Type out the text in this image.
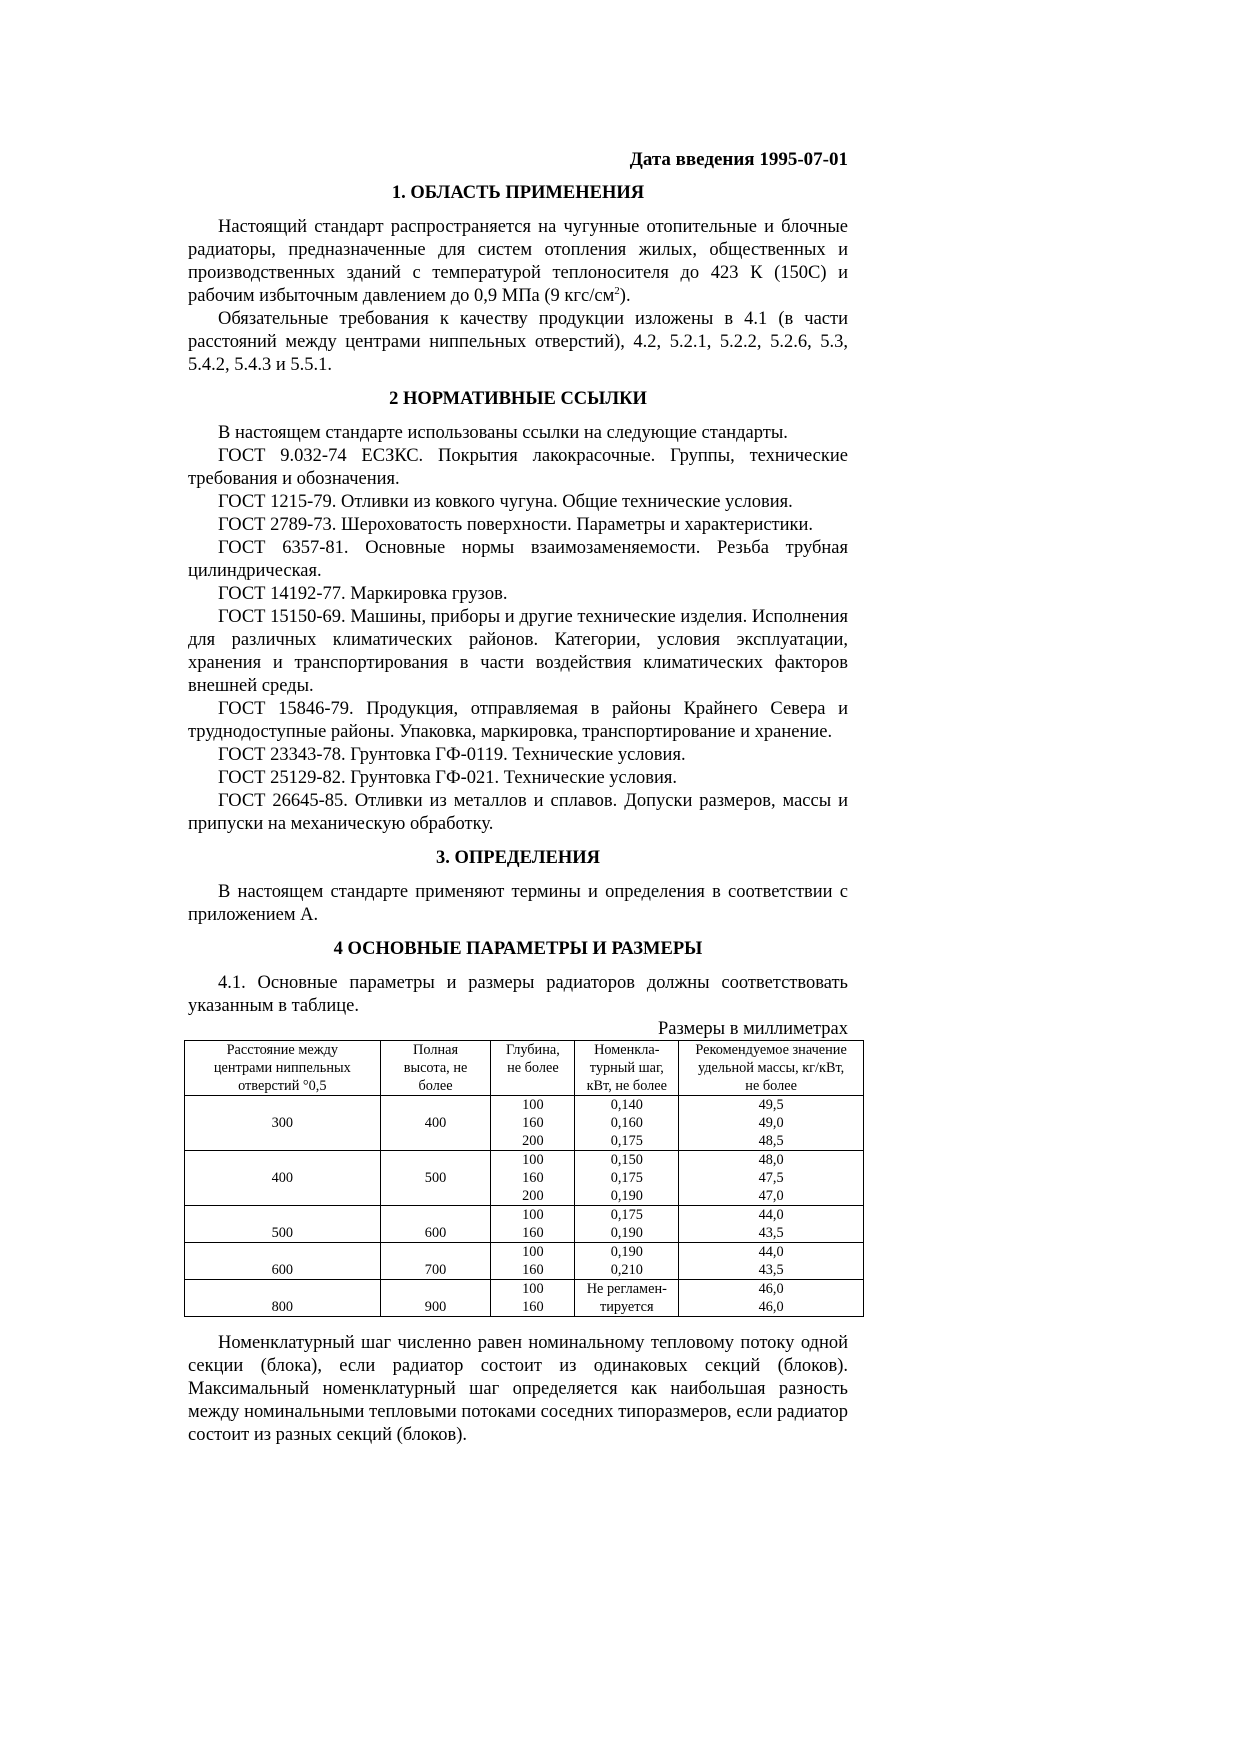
Дата введения 1995-07-01
1. ОБЛАСТЬ ПРИМЕНЕНИЯ

Настоящий стандарт распространяется на чугунные отопительные и блочные радиаторы, предназначенные для систем отопления жилых, общественных и производственных зданий с температурой теплоносителя до 423 К (150С) и рабочим избыточным давлением до 0,9 МПа (9 кгс/$см^2$).

Обязательные требования к качеству продукции изложены в 4.1 (в части расстояний между центрами ниппельных отверстий), 4.2, 5.2.1, 5.2.2, 5.2.6, 5.3, 5.4.2, 5.4.3 и 5.5.1.

2 НОРМАТИВНЫЕ ССЫЛКИ

В настоящем стандарте использованы ссылки на следующие стандарты.

ГОСТ 9.032-74 ЕСЗКС. Покрытия лакокрасочные. Группы, технические требования и обозначения.

ГОСТ 1215-79. Отливки из ковкого чугуна. Общие технические условия.

ГОСТ 2789-73. Шероховатость поверхности. Параметры и характеристики.

ГОСТ 6357-81. Основные нормы взаимозаменяемости. Резьба трубная цилиндрическая.

ГОСТ 14192-77. Маркировка грузов.

ГОСТ 15150-69. Машины, приборы и другие технические изделия. Исполнения для различных климатических районов. Категории, условия эксплуатации, хранения и транспортирования в части воздействия климатических факторов внешней среды.

ГОСТ 15846-79. Продукция, отправляемая в районы Крайнего Севера и труднодоступные районы. Упаковка, маркировка, транспортирование и хранение.

ГОСТ 23343-78. Грунтовка ГФ-0119. Технические условия.

ГОСТ 25129-82. Грунтовка ГФ-021. Технические условия.

ГОСТ 26645-85. Отливки из металлов и сплавов. Допуски размеров, массы и припуски на механическую обработку.

3. ОПРЕДЕЛЕНИЯ

В настоящем стандарте применяют термины и определения в соответствии с приложением А.

4 ОСНОВНЫЕ ПАРАМЕТРЫ И РАЗМЕРЫ

4.1. Основные параметры и размеры радиаторов должны соответствовать указанным в таблице.

Размеры в миллиметрах
Расстояние между
центрами ниппельных
отверстий °0,5	Полная
высота, не
более	Глубина,
не более	Номенкла-
турный шаг,
кВт, не более	Рекомендуемое значение
удельной массы, кг/кВт,
не более

300	400	100
160
200	0,140
0,160
0,175	49,5
49,0
48,5

400	500	100
160
200	0,150
0,175
0,190	48,0
47,5
47,0

500	600	100
160	0,175
0,190	44,0
43,5

600	700	100
160	0,190
0,210	44,0
43,5

800	900	100
160	Не регламен-
тируется	46,0
46,0

Номенклатурный шаг численно равен номинальному тепловому потоку одной секции (блока), если радиатор состоит из одинаковых секций (блоков). Максимальный номенклатурный шаг определяется как наибольшая разность между номинальными тепловыми потоками соседних типоразмеров, если радиатор состоит из разных секций (блоков).
